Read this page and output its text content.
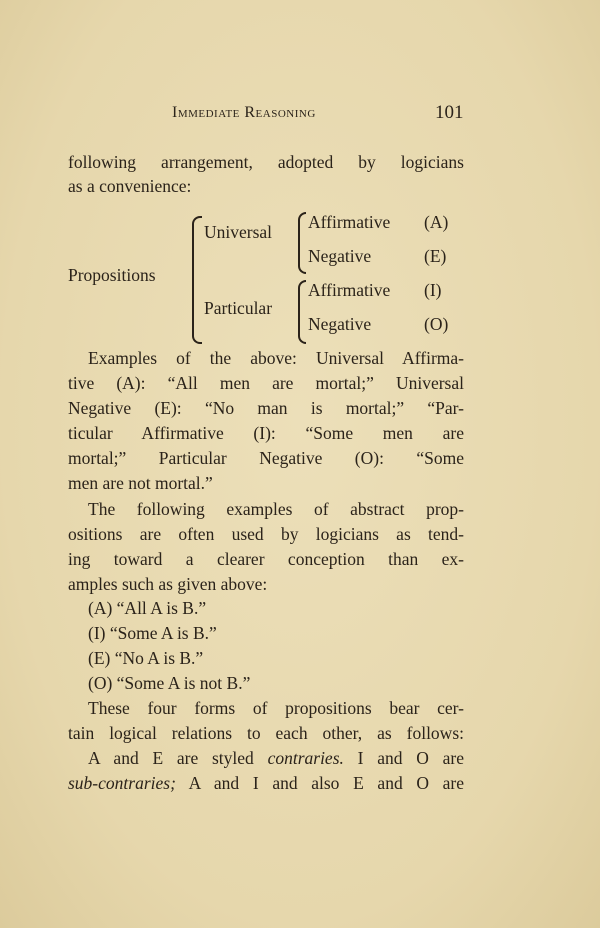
Immediate Reasoning	101
following arrangement, adopted by logicians
as a convenience:
Propositions
Universal
Particular
Affirmative (A)
Negative	(E)
Affirmative (I)
Negative	(O)
Examples of the above: Universal Affirma-
tive (A): “All men are mortal;” Universal
Negative (E): “No man is mortal;” “Par-
ticular Affirmative (I): “Some men are
mortal;” Particular Negative (O): “Some
men are not mortal.”
The following examples of abstract prop-
ositions are often used by logicians as tend-
ing toward a clearer conception than ex-
amples such as given above:
(A) “All A is B.”
(I) “Some A is B.”
(E) “No A is B.”
(O) “Some A is not B.”
These four forms of propositions bear cer-
tain logical relations to each other, as follows:
A and E are styled contraries. I and O are
sub-contraries; A and I and also E and O are
